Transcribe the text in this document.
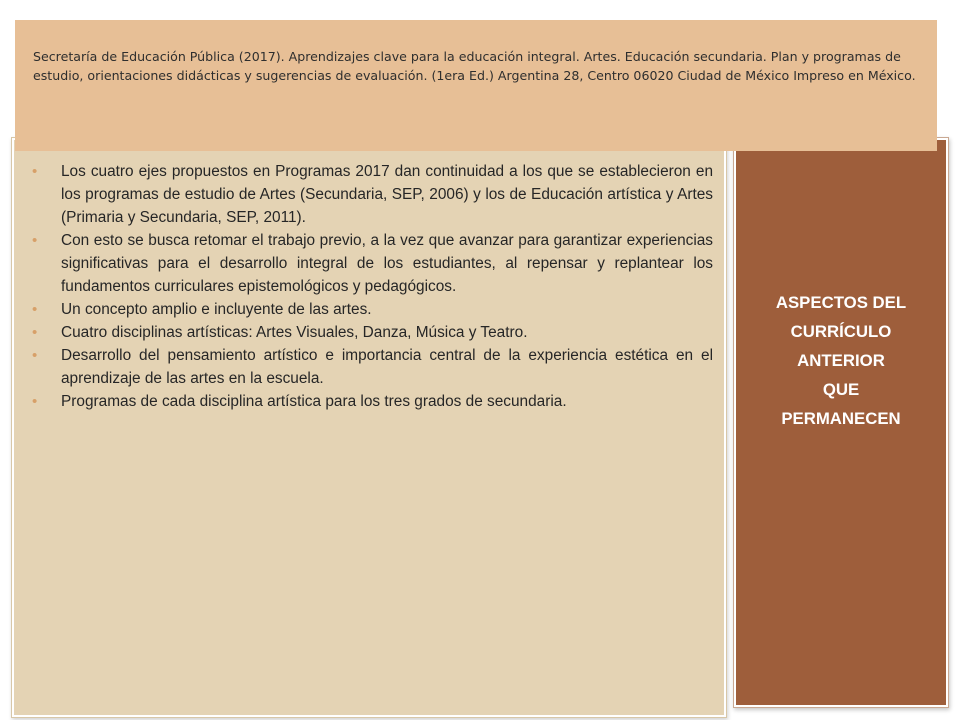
Secretaría de Educación Pública (2017). Aprendizajes clave para la educación integral. Artes. Educación secundaria. Plan y programas de estudio, orientaciones didácticas y sugerencias de evaluación. (1era Ed.) Argentina 28, Centro 06020 Ciudad de México Impreso en México.
• Los cuatro ejes propuestos en Programas 2017 dan continuidad a los que se establecieron en los programas de estudio de Artes (Secundaria, SEP, 2006) y los de Educación artística y Artes (Primaria y Secundaria, SEP, 2011).
• Con esto se busca retomar el trabajo previo, a la vez que avanzar para garantizar experiencias significativas para el desarrollo integral de los estudiantes, al repensar y replantear los fundamentos curriculares epistemológicos y pedagógicos.
• Un concepto amplio e incluyente de las artes.
• Cuatro disciplinas artísticas: Artes Visuales, Danza, Música y Teatro.
• Desarrollo del pensamiento artístico e importancia central de la experiencia estética en el aprendizaje de las artes en la escuela.
• Programas de cada disciplina artística para los tres grados de secundaria.
ASPECTOS DEL
CURRÍCULO
ANTERIOR
QUE
PERMANECEN
